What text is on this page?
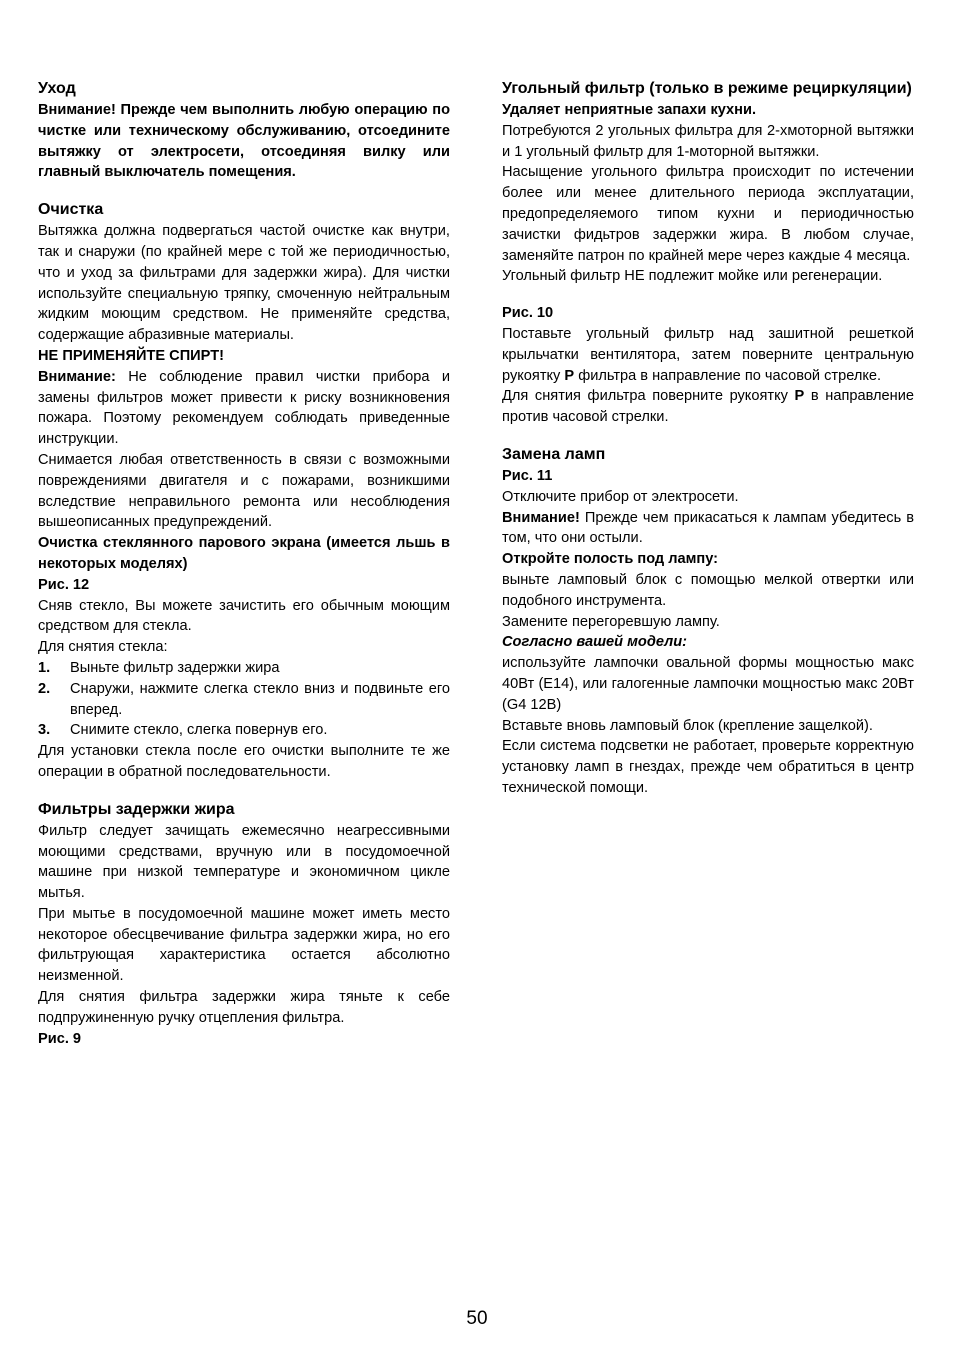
Уход

Внимание! Прежде чем выполнить любую операцию по чистке или техническому обслуживанию, отсоедините вытяжку от электросети, отсоединяя вилку или главный выключатель помещения.

Очистка

Вытяжка должна подвергаться частой очистке как внутри, так и снаружи (по крайней мере с той же периодичностью, что и уход за фильтрами для задержки жира). Для чистки используйте специальную тряпку, смоченную нейтральным жидким моющим средством. Не применяйте средства, содержащие абразивные материалы.

НЕ ПРИМЕНЯЙТЕ СПИРТ!

Внимание: Не соблюдение правил чистки прибора и замены фильтров может привести к риску возникновения пожара. Поэтому рекомендуем соблюдать приведенные инструкции.

Снимается любая ответственность в связи с возможными повреждениями двигателя и с пожарами, возникшими вследствие неправильного ремонта или несоблюдения вышеописанных предупреждений.

Очистка стеклянного парового экрана (имеется льшь в некоторых моделях)

Рис. 12

Сняв стекло, Вы можете зачистить его обычным моющим средством для стекла.

Для снятия стекла:

1. Выньте фильтр задержки жира
2. Снаружи, нажмите слегка стекло вниз и подвиньте его вперед.
3. Снимите стекло, слегка повернув его.

Для установки стекла после его очистки выполните те же операции в обратной последовательности.

Фильтры задержки жира

Фильтр следует зачищать ежемесячно неагрессивными моющими средствами, вручную или в посудомоечной машине при низкой температуре и экономичном цикле мытья.

При мытье в посудомоечной машине может иметь место некоторое обесцвечивание фильтра задержки жира, но его фильтрующая характеристика остается абсолютно неизменной.

Для снятия фильтра задержки жира тяньте к себе подпружиненную ручку отцепления фильтра.

Рис. 9

Угольный фильтр (только в режиме рециркуляции)

Удаляет неприятные запахи кухни.

Потребуются 2 угольных фильтра для 2-хмоторной вытяжки и 1 угольный фильтр для 1-моторной вытяжки.

Насыщение угольного фильтра происходит по истечении более или менее длительного периода эксплуатации, предопределяемого типом кухни и периодичностью зачистки фидьтров задержки жира. В любом случае, заменяйте патрон по крайней мере через каждые 4 месяца.

Угольный фильтр НЕ подлежит мойке или регенерации.

Рис. 10

Поставьте угольный фильтр над зашитной решеткой крыльчатки вентилятора, затем поверните центральную рукоятку P фильтра в направление по часовой стрелке.

Для снятия фильтра поверните рукоятку P в направление против часовой стрелки.

Замена ламп

Рис. 11

Отключите прибор от электросети.

Внимание! Прежде чем прикасаться к лампам убедитесь в том, что они остыли.

Откройте полость под лампу:

выньте ламповый блок с помощью мелкой отвертки или подобного инструмента.

Замените перегоревшую лампу.

Согласно вашей модели:

используйте лампочки овальной формы мощностью макс 40Вт (E14), или галогенные лампочки мощностью макс 20Вт (G4 12В)

Вставьте вновь ламповый блок (крепление защелкой).

Если система подсветки не работает, проверьте корректную установку ламп в гнездах, прежде чем обратиться в центр технической помощи.

50
